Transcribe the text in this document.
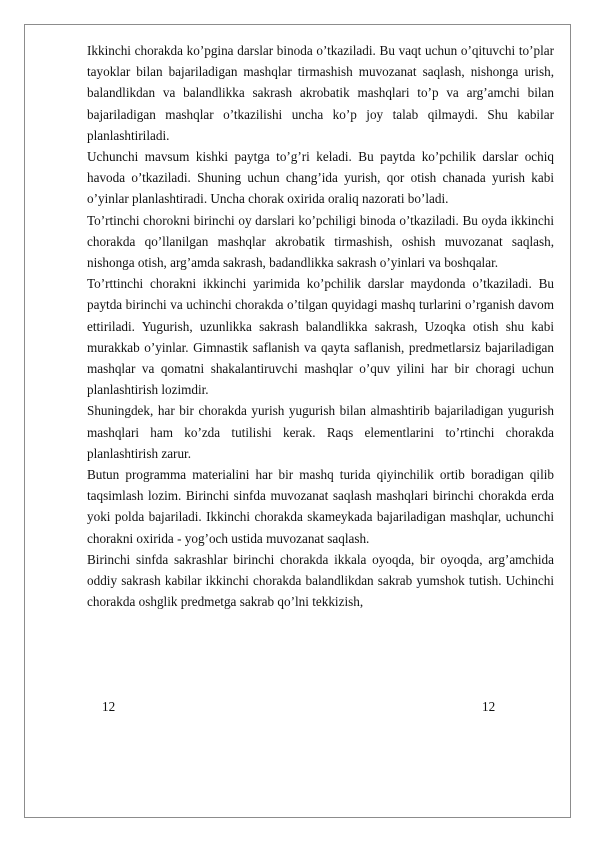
Ikkinchi chorakda ko’pgina darslar binoda o’tkaziladi. Bu vaqt uchun o’qituvchi to’plar tayoklar bilan bajariladigan mashqlar tirmashish muvozanat saqlash, nishonga urish, balandlikdan va balandlikka sakrash akrobatik mashqlari to’p va arg’amchi bilan bajariladigan mashqlar o’tkazilishi uncha ko’p joy talab qilmaydi. Shu kabilar planlashtiriladi.

Uchunchi mavsum kishki paytga to’g’ri keladi. Bu paytda ko’pchilik darslar ochiq havoda o’tkaziladi. Shuning uchun chang’ida yurish, qor otish chanada yurish kabi o’yinlar planlashtiradi. Uncha chorak oxirida oraliq nazorati bo’ladi.

To’rtinchi chorokni birinchi oy darslari ko’pchiligi binoda o’tkaziladi. Bu oyda ikkinchi chorakda qo’llanilgan mashqlar akrobatik tirmashish, oshish muvozanat saqlash, nishonga otish, arg’amda sakrash, badandlikka sakrash o’yinlari va boshqalar.

To’rttinchi chorakni ikkinchi yarimida ko’pchilik darslar maydonda o’tkaziladi. Bu paytda birinchi va uchinchi chorakda o’tilgan quyidagi mashq turlarini o’rganish davom ettiriladi. Yugurish, uzunlikka sakrash balandlikka sakrash, Uzoqka otish shu kabi murakkab o’yinlar. Gimnastik saflanish va qayta saflanish, predmetlarsiz bajariladigan mashqlar va qomatni shakalantiruvchi mashqlar o’quv yilini har bir choragi uchun planlashtirish lozimdir.

Shuningdek, har bir chorakda yurish yugurish bilan almashtirib bajariladigan yugurish mashqlari ham ko’zda tutilishi kerak. Raqs elementlarini to’rtinchi chorakda planlashtirish zarur.

Butun programma materialini har bir mashq turida qiyinchilik ortib boradigan qilib taqsimlash lozim. Birinchi sinfda muvozanat saqlash mashqlari birinchi chorakda erda yoki polda bajariladi. Ikkinchi chorakda skameykada bajariladigan mashqlar, uchunchi chorakni oxirida - yog’och ustida muvozanat saqlash.

Birinchi sinfda sakrashlar birinchi chorakda ikkala oyoqda, bir oyoqda, arg’amchida oddiy sakrash kabilar ikkinchi chorakda balandlikdan sakrab yumshok tutish. Uchinchi chorakda oshglik predmetga sakrab qo’lni tekkizish,

12	12
